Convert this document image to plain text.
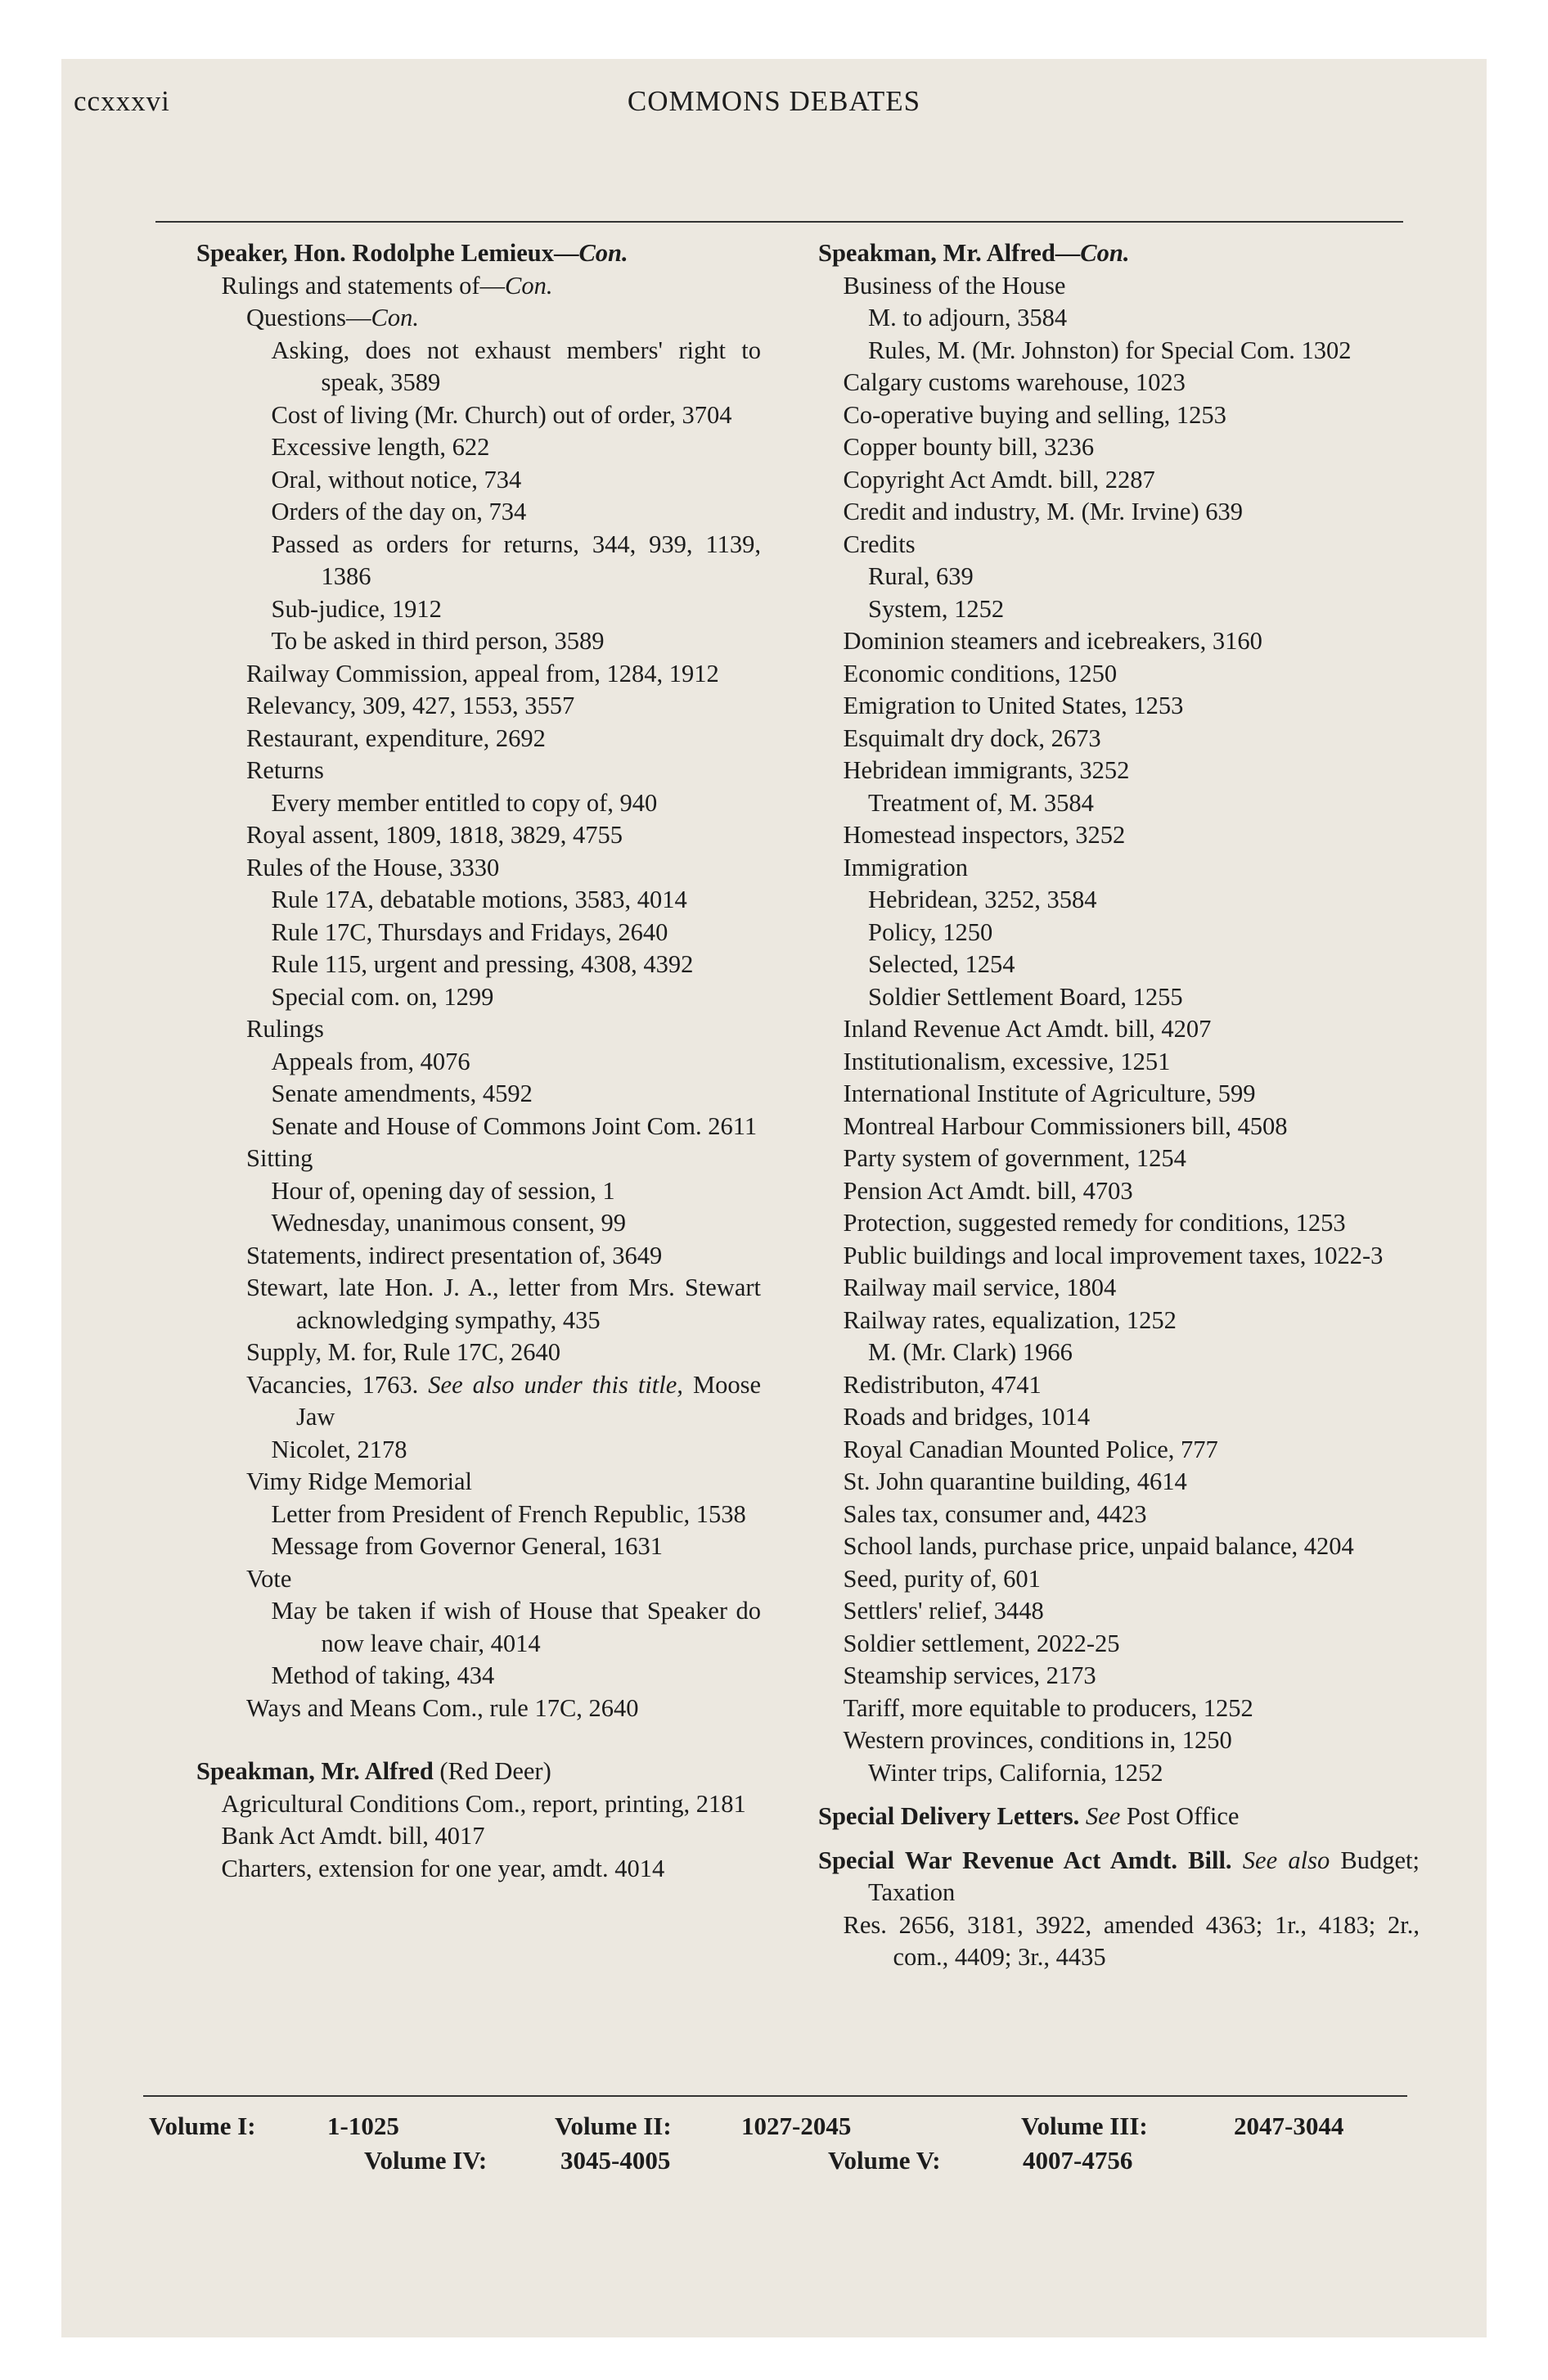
ccxxxvi	COMMONS DEBATES
Speaker, Hon. Rodolphe Lemieux—Con.
Rulings and statements of—Con.
Questions—Con.
Asking, does not exhaust members' right to speak, 3589
Cost of living (Mr. Church) out of order, 3704
Excessive length, 622
Oral, without notice, 734
Orders of the day on, 734
Passed as orders for returns, 344, 939, 1139, 1386
Sub-judice, 1912
To be asked in third person, 3589
Railway Commission, appeal from, 1284, 1912
Relevancy, 309, 427, 1553, 3557
Restaurant, expenditure, 2692
Returns
Every member entitled to copy of, 940
Royal assent, 1809, 1818, 3829, 4755
Rules of the House, 3330
Rule 17A, debatable motions, 3583, 4014
Rule 17C, Thursdays and Fridays, 2640
Rule 115, urgent and pressing, 4308, 4392
Special com. on, 1299
Rulings
Appeals from, 4076
Senate amendments, 4592
Senate and House of Commons Joint Com. 2611
Sitting
Hour of, opening day of session, 1
Wednesday, unanimous consent, 99
Statements, indirect presentation of, 3649
Stewart, late Hon. J. A., letter from Mrs. Stewart acknowledging sympathy, 435
Supply, M. for, Rule 17C, 2640
Vacancies, 1763. See also under this title, Moose Jaw
Nicolet, 2178
Vimy Ridge Memorial
Letter from President of French Republic, 1538
Message from Governor General, 1631
Vote
May be taken if wish of House that Speaker do now leave chair, 4014
Method of taking, 434
Ways and Means Com., rule 17C, 2640
Speakman, Mr. Alfred (Red Deer)
Agricultural Conditions Com., report, printing, 2181
Bank Act Amdt. bill, 4017
Charters, extension for one year, amdt. 4014
Speakman, Mr. Alfred—Con.
Business of the House
M. to adjourn, 3584
Rules, M. (Mr. Johnston) for Special Com. 1302
Calgary customs warehouse, 1023
Co-operative buying and selling, 1253
Copper bounty bill, 3236
Copyright Act Amdt. bill, 2287
Credit and industry, M. (Mr. Irvine) 639
Credits
Rural, 639
System, 1252
Dominion steamers and icebreakers, 3160
Economic conditions, 1250
Emigration to United States, 1253
Esquimalt dry dock, 2673
Hebridean immigrants, 3252
Treatment of, M. 3584
Homestead inspectors, 3252
Immigration
Hebridean, 3252, 3584
Policy, 1250
Selected, 1254
Soldier Settlement Board, 1255
Inland Revenue Act Amdt. bill, 4207
Institutionalism, excessive, 1251
International Institute of Agriculture, 599
Montreal Harbour Commissioners bill, 4508
Party system of government, 1254
Pension Act Amdt. bill, 4703
Protection, suggested remedy for conditions, 1253
Public buildings and local improvement taxes, 1022-3
Railway mail service, 1804
Railway rates, equalization, 1252
M. (Mr. Clark) 1966
Redistributon, 4741
Roads and bridges, 1014
Royal Canadian Mounted Police, 777
St. John quarantine building, 4614
Sales tax, consumer and, 4423
School lands, purchase price, unpaid balance, 4204
Seed, purity of, 601
Settlers' relief, 3448
Soldier settlement, 2022-25
Steamship services, 2173
Tariff, more equitable to producers, 1252
Western provinces, conditions in, 1250
Winter trips, California, 1252
Special Delivery Letters. See Post Office
Special War Revenue Act Amdt. Bill. See also Budget; Taxation
Res. 2656, 3181, 3922, amended 4363; 1r., 4183; 2r., com., 4409; 3r., 4435
Volume I:	1-1025	Volume II:	1027-2045	Volume III:	2047-3044
Volume IV:	3045-4005	Volume V:	4007-4756
